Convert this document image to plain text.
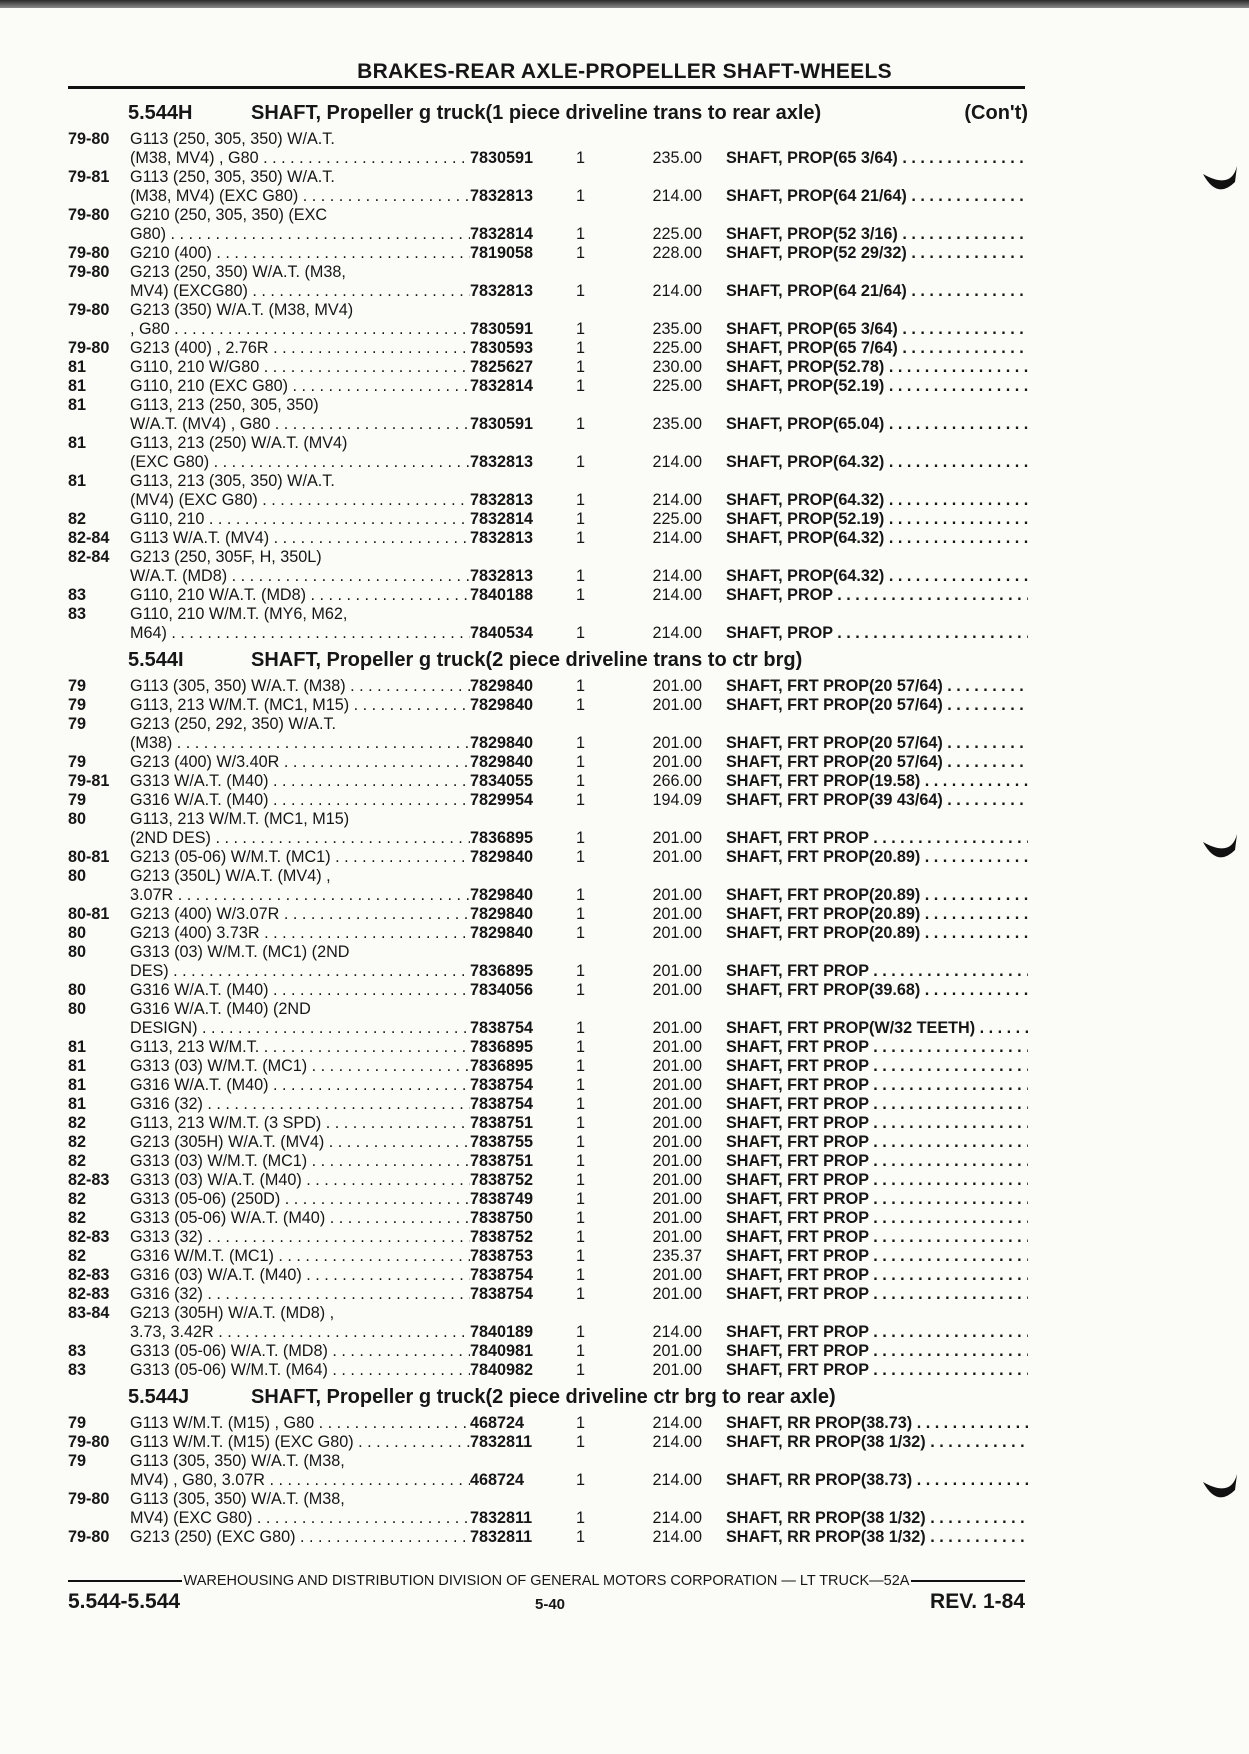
BRAKES-REAR AXLE-PROPELLER SHAFT-WHEELS
5.544H	SHAFT, Propeller g truck(1 piece driveline trans to rear axle)	(Con't)
79-80	G113 (250, 305, 350) W/A.T.
(M38, MV4) , G80 . . .	7830591	1	235.00	SHAFT, PROP(65 3/64) . . .
79-81	G113 (250, 305, 350) W/A.T.
(M38, MV4) (EXC G80) . . .	7832813	1	214.00	SHAFT, PROP(64 21/64) . . .
79-80	G210 (250, 305, 350) (EXC
G80) . . .	7832814	1	225.00	SHAFT, PROP(52 3/16) . . .
79-80	G210 (400) . . .	7819058	1	228.00	SHAFT, PROP(52 29/32) . . .
79-80	G213 (250, 350) W/A.T. (M38,
MV4) (EXCG80) . . .	7832813	1	214.00	SHAFT, PROP(64 21/64) . . .
79-80	G213 (350) W/A.T. (M38, MV4)
, G80 . . .	7830591	1	235.00	SHAFT, PROP(65 3/64) . . .
79-80	G213 (400) , 2.76R . . .	7830593	1	225.00	SHAFT, PROP(65 7/64) . . .
81	G110, 210 W/G80 . . .	7825627	1	230.00	SHAFT, PROP(52.78) . . .
81	G110, 210 (EXC G80) . . .	7832814	1	225.00	SHAFT, PROP(52.19) . . .
81	G113, 213 (250, 305, 350)
W/A.T. (MV4) , G80 . . .	7830591	1	235.00	SHAFT, PROP(65.04) . . .
81	G113, 213 (250) W/A.T. (MV4)
(EXC G80) . . .	7832813	1	214.00	SHAFT, PROP(64.32) . . .
81	G113, 213 (305, 350) W/A.T.
(MV4) (EXC G80) . . .	7832813	1	214.00	SHAFT, PROP(64.32) . . .
82	G110, 210 . . .	7832814	1	225.00	SHAFT, PROP(52.19) . . .
82-84	G113 W/A.T. (MV4) . . .	7832813	1	214.00	SHAFT, PROP(64.32) . . .
82-84	G213 (250, 305F, H, 350L)
W/A.T. (MD8) . . .	7832813	1	214.00	SHAFT, PROP(64.32) . . .
83	G110, 210 W/A.T. (MD8) . . .	7840188	1	214.00	SHAFT, PROP . . .
83	G110, 210 W/M.T. (MY6, M62,
M64) . . .	7840534	1	214.00	SHAFT, PROP . . .
5.544I	SHAFT, Propeller g truck(2 piece driveline trans to ctr brg)
79	G113 (305, 350) W/A.T. (M38) . . .	7829840	1	201.00	SHAFT, FRT PROP(20 57/64) . . .
79	G113, 213 W/M.T. (MC1, M15) . . .	7829840	1	201.00	SHAFT, FRT PROP(20 57/64) . . .
79	G213 (250, 292, 350) W/A.T.
(M38) . . .	7829840	1	201.00	SHAFT, FRT PROP(20 57/64) . . .
79	G213 (400) W/3.40R . . .	7829840	1	201.00	SHAFT, FRT PROP(20 57/64) . . .
79-81	G313 W/A.T. (M40) . . .	7834055	1	266.00	SHAFT, FRT PROP(19.58) . . .
79	G316 W/A.T. (M40) . . .	7829954	1	194.09	SHAFT, FRT PROP(39 43/64) . . .
80	G113, 213 W/M.T. (MC1, M15)
(2ND DES) . . .	7836895	1	201.00	SHAFT, FRT PROP . . .
80-81	G213 (05-06) W/M.T. (MC1) . . .	7829840	1	201.00	SHAFT, FRT PROP(20.89) . . .
80	G213 (350L) W/A.T. (MV4) ,
3.07R . . .	7829840	1	201.00	SHAFT, FRT PROP(20.89) . . .
80-81	G213 (400) W/3.07R . . .	7829840	1	201.00	SHAFT, FRT PROP(20.89) . . .
80	G213 (400) 3.73R . . .	7829840	1	201.00	SHAFT, FRT PROP(20.89) . . .
80	G313 (03) W/M.T. (MC1) (2ND
DES) . . .	7836895	1	201.00	SHAFT, FRT PROP . . .
80	G316 W/A.T. (M40) . . .	7834056	1	201.00	SHAFT, FRT PROP(39.68) . . .
80	G316 W/A.T. (M40) (2ND
DESIGN) . . .	7838754	1	201.00	SHAFT, FRT PROP(W/32 TEETH) . . .
81	G113, 213 W/M.T. . . .	7836895	1	201.00	SHAFT, FRT PROP . . .
81	G313 (03) W/M.T. (MC1) . . .	7836895	1	201.00	SHAFT, FRT PROP . . .
81	G316 W/A.T. (M40) . . .	7838754	1	201.00	SHAFT, FRT PROP . . .
81	G316 (32) . . .	7838754	1	201.00	SHAFT, FRT PROP . . .
82	G113, 213 W/M.T. (3 SPD) . . .	7838751	1	201.00	SHAFT, FRT PROP . . .
82	G213 (305H) W/A.T. (MV4) . . .	7838755	1	201.00	SHAFT, FRT PROP . . .
82	G313 (03) W/M.T. (MC1) . . .	7838751	1	201.00	SHAFT, FRT PROP . . .
82-83	G313 (03) W/A.T. (M40) . . .	7838752	1	201.00	SHAFT, FRT PROP . . .
82	G313 (05-06) (250D) . . .	7838749	1	201.00	SHAFT, FRT PROP . . .
82	G313 (05-06) W/A.T. (M40) . . .	7838750	1	201.00	SHAFT, FRT PROP . . .
82-83	G313 (32) . . .	7838752	1	201.00	SHAFT, FRT PROP . . .
82	G316 W/M.T. (MC1) . . .	7838753	1	235.37	SHAFT, FRT PROP . . .
82-83	G316 (03) W/A.T. (M40) . . .	7838754	1	201.00	SHAFT, FRT PROP . . .
82-83	G316 (32) . . .	7838754	1	201.00	SHAFT, FRT PROP . . .
83-84	G213 (305H) W/A.T. (MD8) ,
3.73, 3.42R . . .	7840189	1	214.00	SHAFT, FRT PROP . . .
83	G313 (05-06) W/A.T. (MD8) . . .	7840981	1	201.00	SHAFT, FRT PROP . . .
83	G313 (05-06) W/M.T. (M64) . . .	7840982	1	201.00	SHAFT, FRT PROP . . .
5.544J	SHAFT, Propeller g truck(2 piece driveline ctr brg to rear axle)
79	G113 W/M.T. (M15) , G80 . . .	468724	1	214.00	SHAFT, RR PROP(38.73) . . .
79-80	G113 W/M.T. (M15) (EXC G80) . . .	7832811	1	214.00	SHAFT, RR PROP(38 1/32) . . .
79	G113 (305, 350) W/A.T. (M38,
MV4) , G80, 3.07R . . .	468724	1	214.00	SHAFT, RR PROP(38.73) . . .
79-80	G113 (305, 350) W/A.T. (M38,
MV4) (EXC G80) . . .	7832811	1	214.00	SHAFT, RR PROP(38 1/32) . . .
79-80	G213 (250) (EXC G80) . . .	7832811	1	214.00	SHAFT, RR PROP(38 1/32) . . .
WAREHOUSING AND DISTRIBUTION DIVISION OF GENERAL MOTORS CORPORATION — LT TRUCK—52A
5.544-5.544	5-40	REV. 1-84
